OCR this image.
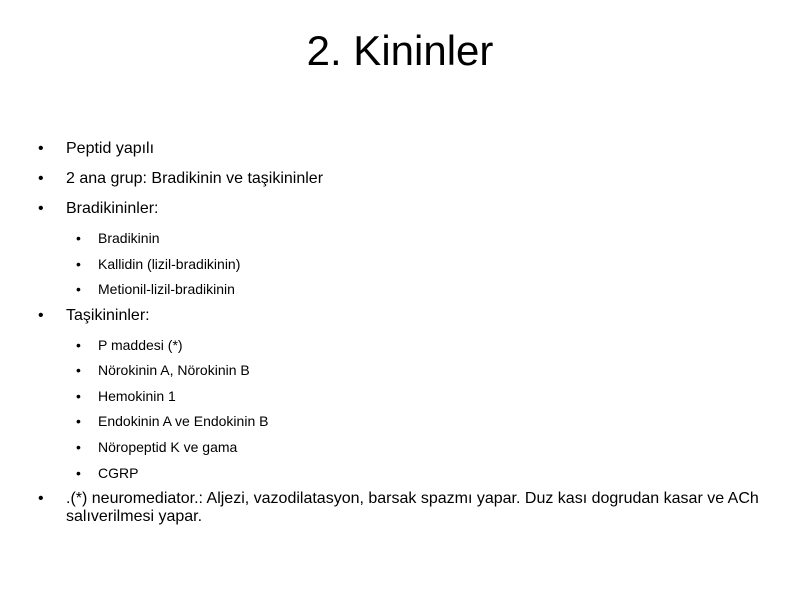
2. Kininler
• Peptid yapılı
• 2 ana grup: Bradikinin ve taşikininler
• Bradikininler:
• Bradikinin
• Kallidin (lizil-bradikinin)
• Metionil-lizil-bradikinin
• Taşikininler:
• P maddesi (*)
• Nörokinin A, Nörokinin B
• Hemokinin 1
• Endokinin A ve Endokinin B
• Nöropeptid K ve gama
• CGRP
• .(*) neuromediator.: Aljezi, vazodilatasyon, barsak spazmı yapar. Duz kası dogrudan kasar ve ACh salıverilmesi yapar.
